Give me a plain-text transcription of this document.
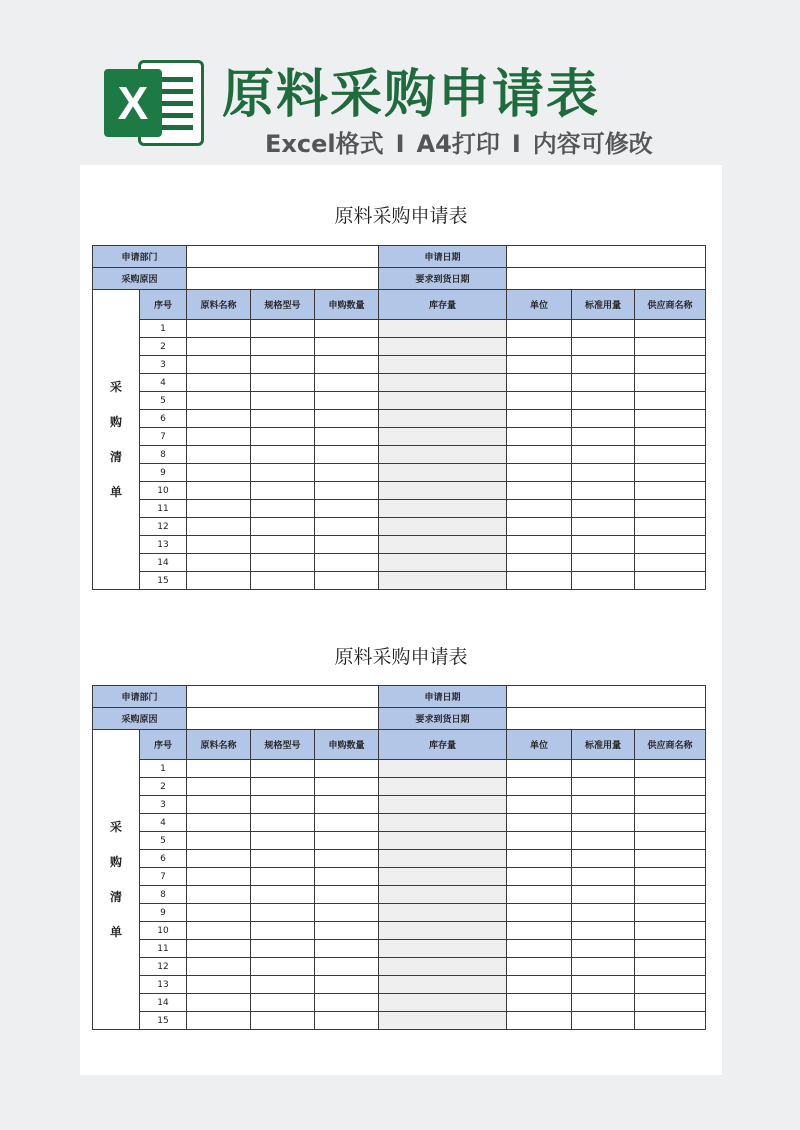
X 原料采购申请表
Excel格式 I A4打印 I 内容可修改
原料采购申请表
申请部门					申请日期			
采购原因					要求到货日期			

采
购
清
单	序号	原料名称	规格型号	申购数量	库存量	单位	标准用量	供应商名称
	1							
	2							
	3							
	4							
	5							
	6							
	7							
	8							
	9							
	10							
	11							
	12							
	13							
	14							
	15							
原料采购申请表
申请部门					申请日期			
采购原因					要求到货日期			

采
购
清
单	序号	原料名称	规格型号	申购数量	库存量	单位	标准用量	供应商名称
	1							
	2							
	3							
	4							
	5							
	6							
	7							
	8							
	9							
	10							
	11							
	12							
	13							
	14							
	15							
